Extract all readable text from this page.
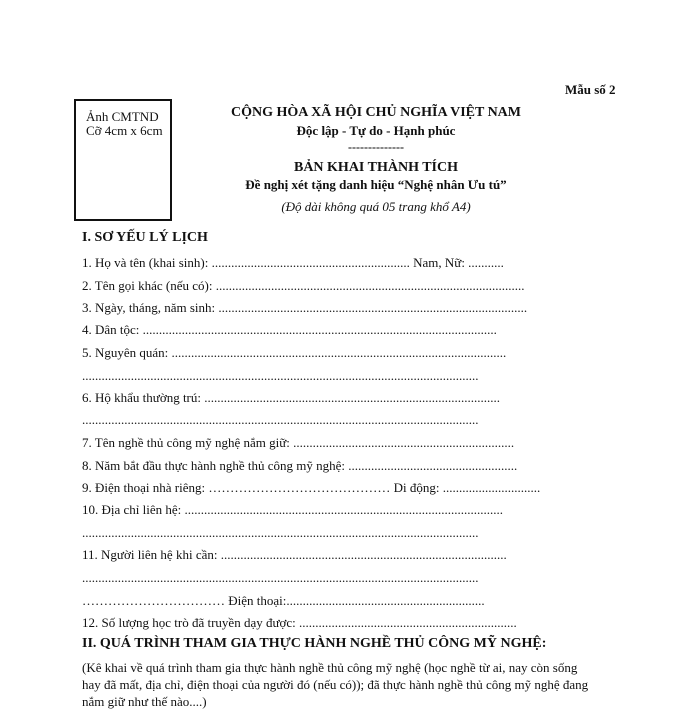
Mẫu số 2
Ảnh CMTND
Cỡ 4cm x 6cm
CỘNG HÒA XÃ HỘI CHỦ NGHĨA VIỆT NAM
Độc lập - Tự do - Hạnh phúc
--------------
BẢN KHAI THÀNH TÍCH
Đề nghị xét tặng danh hiệu “Nghệ nhân Ưu tú”
(Độ dài không quá 05 trang khổ A4)
I. SƠ YẾU LÝ LỊCH
1. Họ và tên (khai sinh): ............................................................. Nam, Nữ: ...........
2. Tên gọi khác (nếu có): ...............................................................................................
3. Ngày, tháng, năm sinh: ...............................................................................................
4. Dân tộc: .............................................................................................................
5. Nguyên quán: .......................................................................................................
..........................................................................................................................
6. Hộ khẩu thường trú: ...........................................................................................
..........................................................................................................................
7. Tên nghề thủ công mỹ nghệ nắm giữ: ....................................................................
8. Năm bắt đầu thực hành nghề thủ công mỹ nghệ: ....................................................
9. Điện thoại nhà riêng: …………………………………… Di động: ..............................
10. Địa chỉ liên hệ: ..................................................................................................
..........................................................................................................................
11. Người liên hệ khi cần: ........................................................................................
..........................................................................................................................
…………………………… Điện thoại:.............................................................
12. Số lượng học trò đã truyền dạy được: ...................................................................
II. QUÁ TRÌNH THAM GIA THỰC HÀNH NGHỀ THỦ CÔNG MỸ NGHỆ:
(Kê khai về quá trình tham gia thực hành nghề thủ công mỹ nghệ (học nghề từ ai, nay còn sống
hay đã mất, địa chỉ, điện thoại của người đó (nếu có)); đã thực hành nghề thủ công mỹ nghệ đang
nắm giữ như thế nào....)
